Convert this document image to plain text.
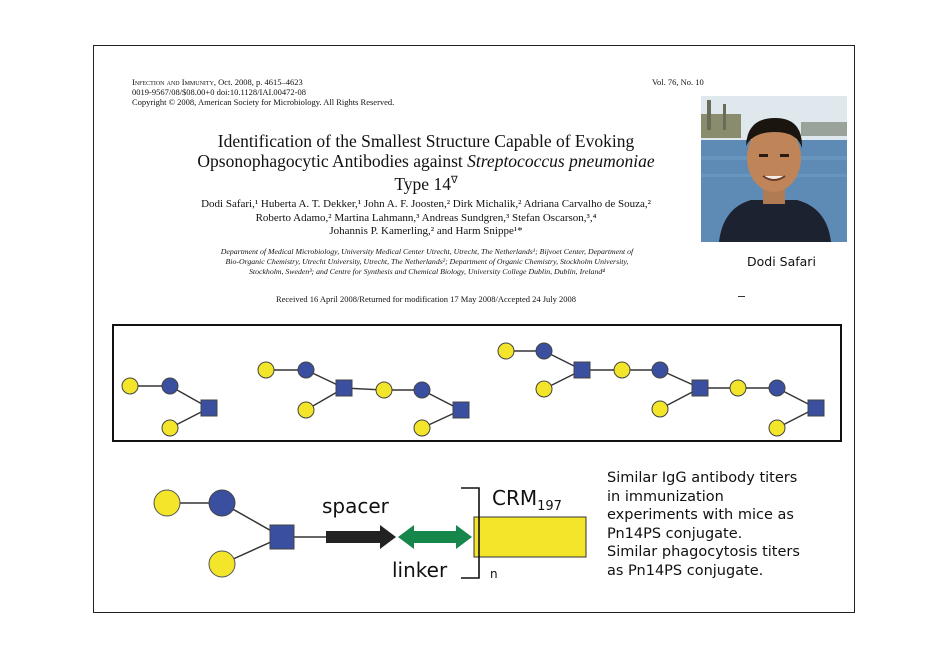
Infection and Immunity, Oct. 2008, p. 4615–4623
0019-9567/08/$08.00+0 doi:10.1128/IAI.00472-08
Copyright © 2008, American Society for Microbiology. All Rights Reserved.
Vol. 76, No. 10
Identification of the Smallest Structure Capable of Evoking
Opsonophagocytic Antibodies against Streptococcus pneumoniae
Type 14∇
Dodi Safari,¹ Huberta A. T. Dekker,¹ John A. F. Joosten,² Dirk Michalik,² Adriana Carvalho de Souza,²
Roberto Adamo,² Martina Lahmann,³ Andreas Sundgren,³ Stefan Oscarson,³,⁴
Johannis P. Kamerling,² and Harm Snippe¹*
Department of Medical Microbiology, University Medical Center Utrecht, Utrecht, The Netherlands¹; Bijvoet Center, Department of
Bio-Organic Chemistry, Utrecht University, Utrecht, The Netherlands²; Department of Organic Chemistry, Stockholm University,
Stockholm, Sweden³; and Centre for Synthesis and Chemical Biology, University College Dublin, Dublin, Ireland⁴
Received 16 April 2008/Returned for modification 17 May 2008/Accepted 24 July 2008
Dodi Safari
spacer
linker
$CRM_{197}$
n
Similar IgG antibody titers
in immunization
experiments with mice as
Pn14PS conjugate.
Similar phagocytosis titers
as Pn14PS conjugate.
